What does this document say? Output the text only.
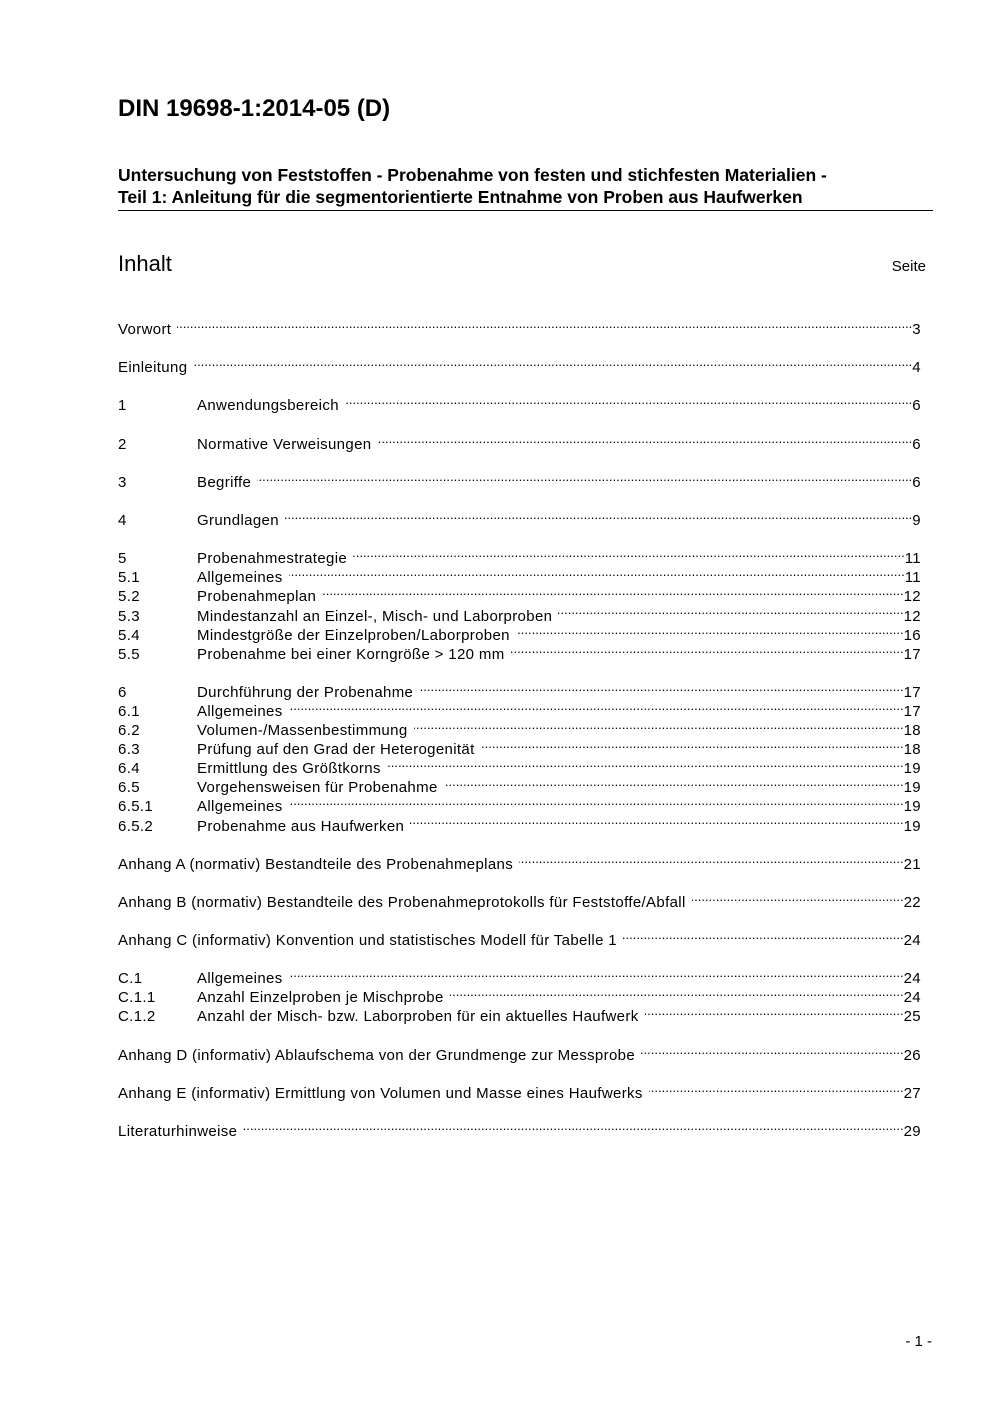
DIN 19698-1:2014-05 (D)
Untersuchung von Feststoffen - Probenahme von festen und stichfesten Materialien -
Teil 1: Anleitung für die segmentorientierte Entnahme von Proben aus Haufwerken
Inhalt	Seite
Vorwort .....	3
Einleitung .....	4
1	Anwendungsbereich .....	6
2	Normative Verweisungen .....	6
3	Begriffe .....	6
4	Grundlagen .....	9
5	Probenahmestrategie .....	11
5.1	Allgemeines .....	11
5.2	Probenahmeplan .....	12
5.3	Mindestanzahl an Einzel-, Misch- und Laborproben .....	12
5.4	Mindestgröße der Einzelproben/Laborproben .....	16
5.5	Probenahme bei einer Korngröße > 120 mm .....	17
6	Durchführung der Probenahme .....	17
6.1	Allgemeines .....	17
6.2	Volumen-/Massenbestimmung .....	18
6.3	Prüfung auf den Grad der Heterogenität .....	18
6.4	Ermittlung des Größtkorns .....	19
6.5	Vorgehensweisen für Probenahme .....	19
6.5.1	Allgemeines .....	19
6.5.2	Probenahme aus Haufwerken .....	19
Anhang A (normativ) Bestandteile des Probenahmeplans .....	21
Anhang B (normativ) Bestandteile des Probenahmeprotokolls für Feststoffe/Abfall .....	22
Anhang C (informativ) Konvention und statistisches Modell für Tabelle 1 .....	24
C.1	Allgemeines .....	24
C.1.1	Anzahl Einzelproben je Mischprobe .....	24
C.1.2	Anzahl der Misch- bzw. Laborproben für ein aktuelles Haufwerk .....	25
Anhang D (informativ) Ablaufschema von der Grundmenge zur Messprobe .....	26
Anhang E (informativ) Ermittlung von Volumen und Masse eines Haufwerks .....	27
Literaturhinweise .....	29
- 1 -
